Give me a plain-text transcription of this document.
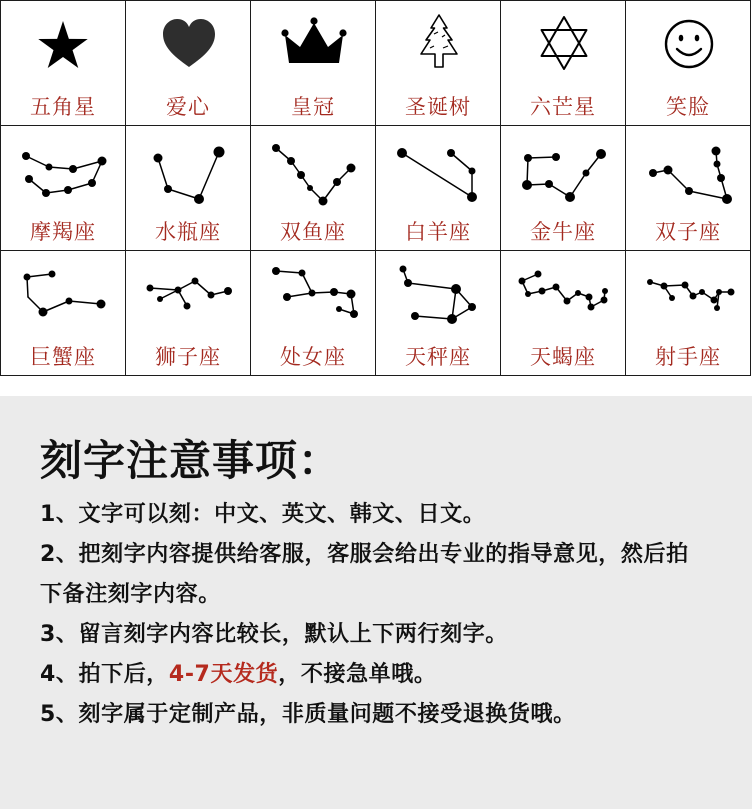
五角星	爱心	皇冠	圣诞树	六芒星	笑脸
摩羯座	水瓶座	双鱼座	白羊座	金牛座	双子座
巨蟹座	狮子座	处女座	天秤座	天蝎座	射手座
刻字注意事项：
1、文字可以刻：中文、英文、韩文、日文。
2、把刻字内容提供给客服，客服会给出专业的指导意见，然后拍
下备注刻字内容。
3、留言刻字内容比较长，默认上下两行刻字。
4、拍下后，4-7天发货，不接急单哦。
5、刻字属于定制产品，非质量问题不接受退换货哦。
